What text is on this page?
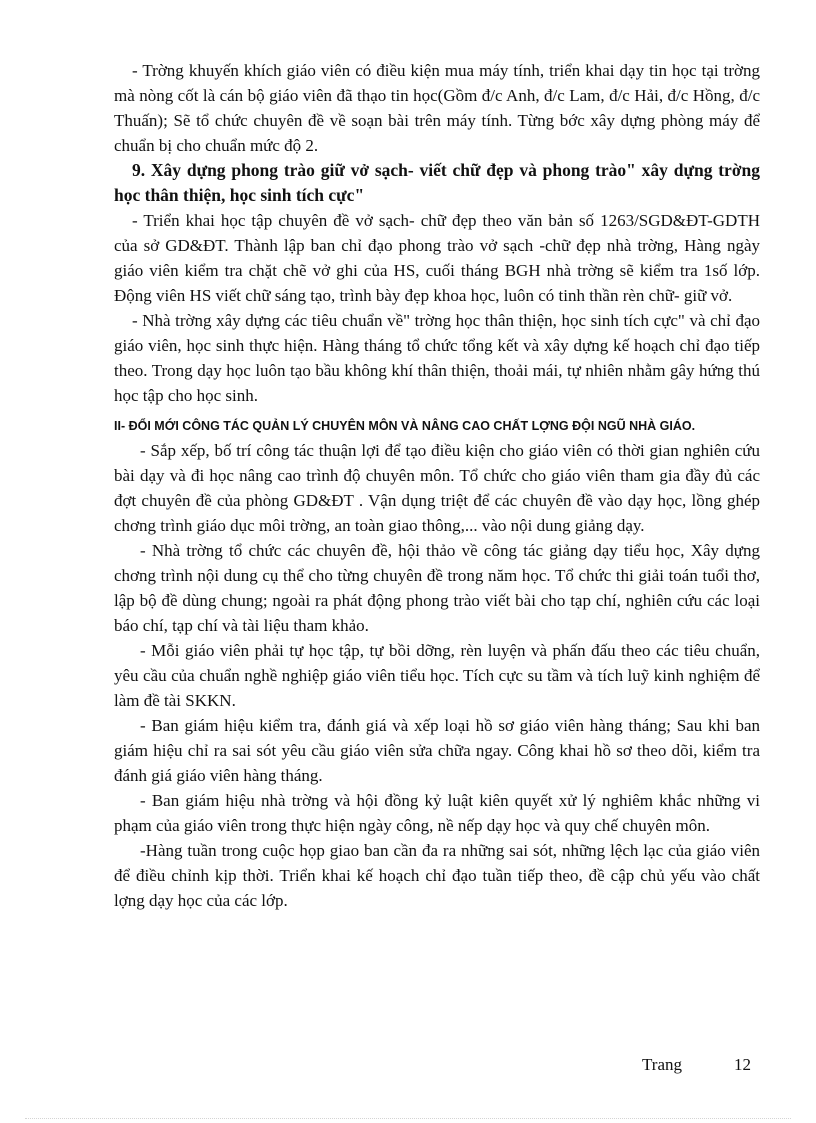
- Trờng khuyến khích giáo viên có điều kiện mua máy tính, triển khai dạy tin học tại trờng mà nòng cốt là cán bộ giáo viên đã thạo tin học(Gồm đ/c Anh, đ/c Lam, đ/c Hải, đ/c Hồng, đ/c Thuấn); Sẽ tổ chức chuyên đề về soạn bài trên máy tính. Từng bớc xây dựng phòng máy để chuẩn bị cho chuẩn mức độ 2.

9. Xây dựng phong trào giữ vở sạch- viết chữ đẹp và phong trào" xây dựng trờng học thân thiện, học sinh tích cực"

- Triển khai học tập chuyên đề vở sạch- chữ đẹp theo văn bản số 1263/SGD&ĐT-GDTH của sở GD&ĐT. Thành lập ban chỉ đạo phong trào vở sạch -chữ đẹp nhà trờng, Hàng ngày giáo viên kiểm tra chặt chẽ vở ghi của HS, cuối tháng BGH nhà trờng sẽ kiểm tra 1số lớp. Động viên HS viết chữ sáng tạo, trình bày đẹp khoa học, luôn có tinh thần rèn chữ- giữ vở.

- Nhà trờng xây dựng các tiêu chuẩn về" trờng học thân thiện, học sinh tích cực" và chỉ đạo giáo viên, học sinh thực hiện. Hàng tháng tổ chức tổng kết và xây dựng kế hoạch chỉ đạo tiếp theo. Trong dạy học luôn tạo bầu không khí thân thiện, thoải mái, tự nhiên nhằm gây hứng thú học tập cho học sinh.

II- ĐỔI MỚI CÔNG TÁC QUẢN LÝ CHUYÊN MÔN VÀ NÂNG CAO CHẤT LỢNG ĐỘI NGŨ NHÀ GIÁO.

- Sắp xếp, bố trí công tác thuận lợi để tạo điều kiện cho giáo viên có thời gian nghiên cứu bài dạy và đi học nâng cao trình độ chuyên môn. Tổ chức cho giáo viên tham gia đầy đủ các đợt chuyên đề của phòng GD&ĐT . Vận dụng triệt để các chuyên đề vào dạy học, lồng ghép chơng trình giáo dục môi trờng, an toàn giao thông,... vào nội dung giảng dạy.

- Nhà trờng tổ chức các chuyên đề, hội thảo về công tác giảng dạy tiểu học, Xây dựng chơng trình nội dung cụ thể cho từng chuyên đề trong năm học. Tổ chức thi giải toán tuổi thơ, lập bộ đề dùng chung; ngoài ra phát động phong trào viết bài cho tạp chí, nghiên cứu các loại báo chí, tạp chí và tài liệu tham khảo.

- Mỗi giáo viên phải tự học tập, tự bồi dỡng, rèn luyện và phấn đấu theo các tiêu chuẩn, yêu cầu của chuẩn nghề nghiệp giáo viên tiểu học. Tích cực su tầm và tích luỹ kinh nghiệm để làm đề tài SKKN.

- Ban giám hiệu kiểm tra, đánh giá và xếp loại hồ sơ giáo viên hàng tháng; Sau khi ban giám hiệu chỉ ra sai sót yêu cầu giáo viên sửa chữa ngay. Công khai hồ sơ theo dõi, kiểm tra đánh giá giáo viên hàng tháng.

- Ban giám hiệu nhà trờng và hội đồng kỷ luật kiên quyết xử lý nghiêm khắc những vi phạm của giáo viên trong thực hiện ngày công, nề nếp dạy học và quy chế chuyên môn.

-Hàng tuần trong cuộc họp giao ban cần đa ra những sai sót, những lệch lạc của giáo viên để điều chỉnh kịp thời. Triển khai kế hoạch chỉ đạo tuần tiếp theo, đề cập chủ yếu vào chất lợng dạy học của các lớp.

Trang	12
